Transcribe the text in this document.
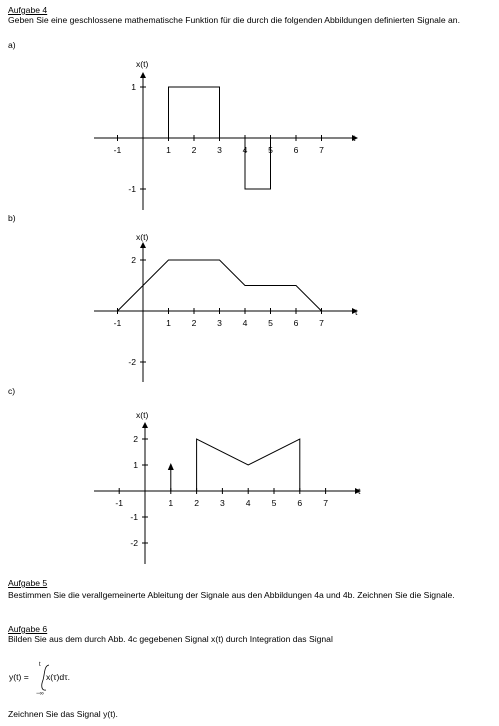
Aufgabe 4
Geben Sie eine geschlossene mathematische Funktion für die durch die folgenden Abbildungen definierten Signale an.
a)
b)
c)
x(t)
t
-1	1 2 3 4 5 6 7
1
-1
x(t)
t
-1	1 2 3 4 5 6 7
2
-2
x(t)
t
-1	1 2 3 4 5 6 7
2
1
-1
-2
Aufgabe 5
Bestimmen Sie die verallgemeinerte Ableitung der Signale aus den Abbildungen 4a und 4b. Zeichnen Sie die Signale.
Aufgabe 6
Bilden Sie aus dem durch Abb. 4c gegebenen Signal x(t) durch Integration das Signal
y(t) =
t
−∞
x(τ)dτ.
Zeichnen Sie das Signal y(t).
